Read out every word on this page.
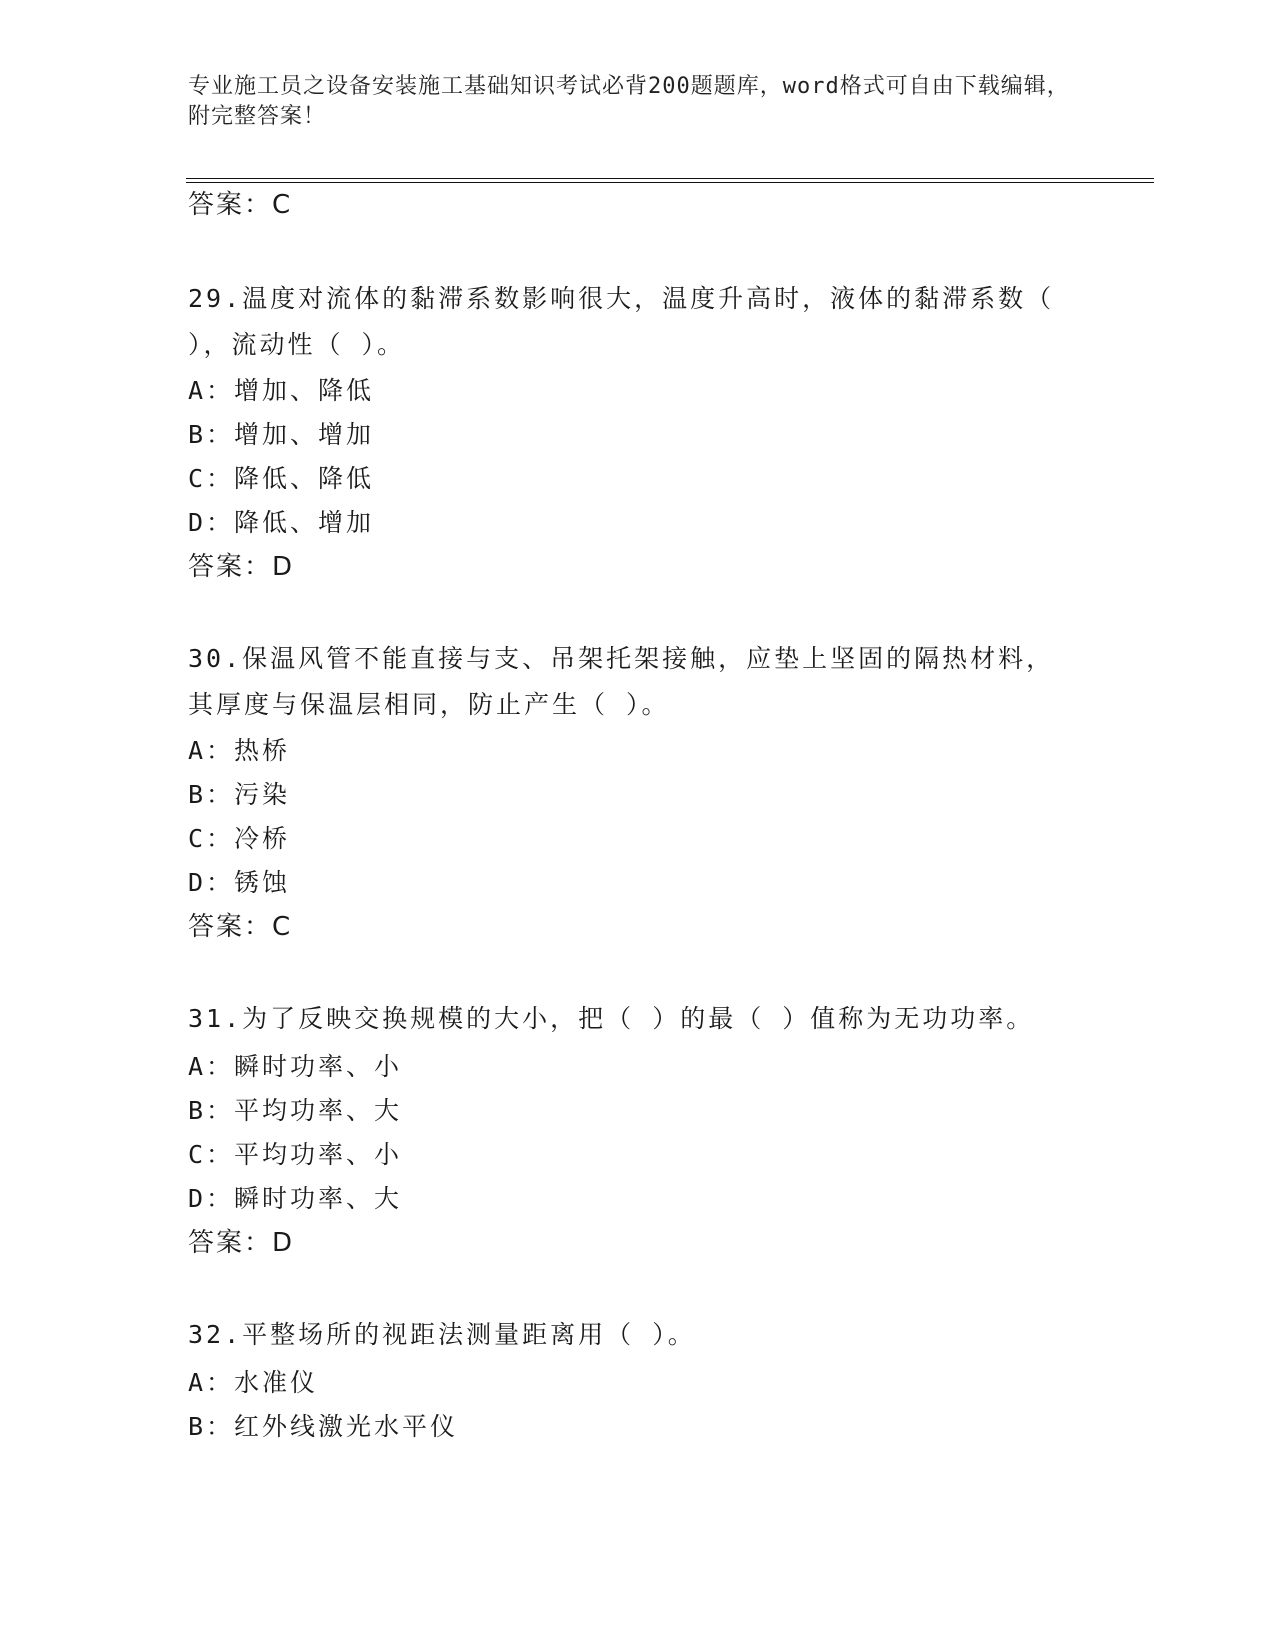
专业施工员之设备安装施工基础知识考试必背200题题库，word格式可自由下载编辑，附完整答案！
答案：C
29.温度对流体的黏滞系数影响很大，温度升高时，液体的黏滞系数（ ），流动性（ ）。
A：增加、降低
B：增加、增加
C：降低、降低
D：降低、增加
答案：D
30.保温风管不能直接与支、吊架托架接触，应垫上坚固的隔热材料，其厚度与保温层相同，防止产生（ ）。
A：热桥
B：污染
C：冷桥
D：锈蚀
答案：C
31.为了反映交换规模的大小，把（ ）的最（ ）值称为无功功率。
A：瞬时功率、小
B：平均功率、大
C：平均功率、小
D：瞬时功率、大
答案：D
32.平整场所的视距法测量距离用（ ）。
A：水准仪
B：红外线激光水平仪
